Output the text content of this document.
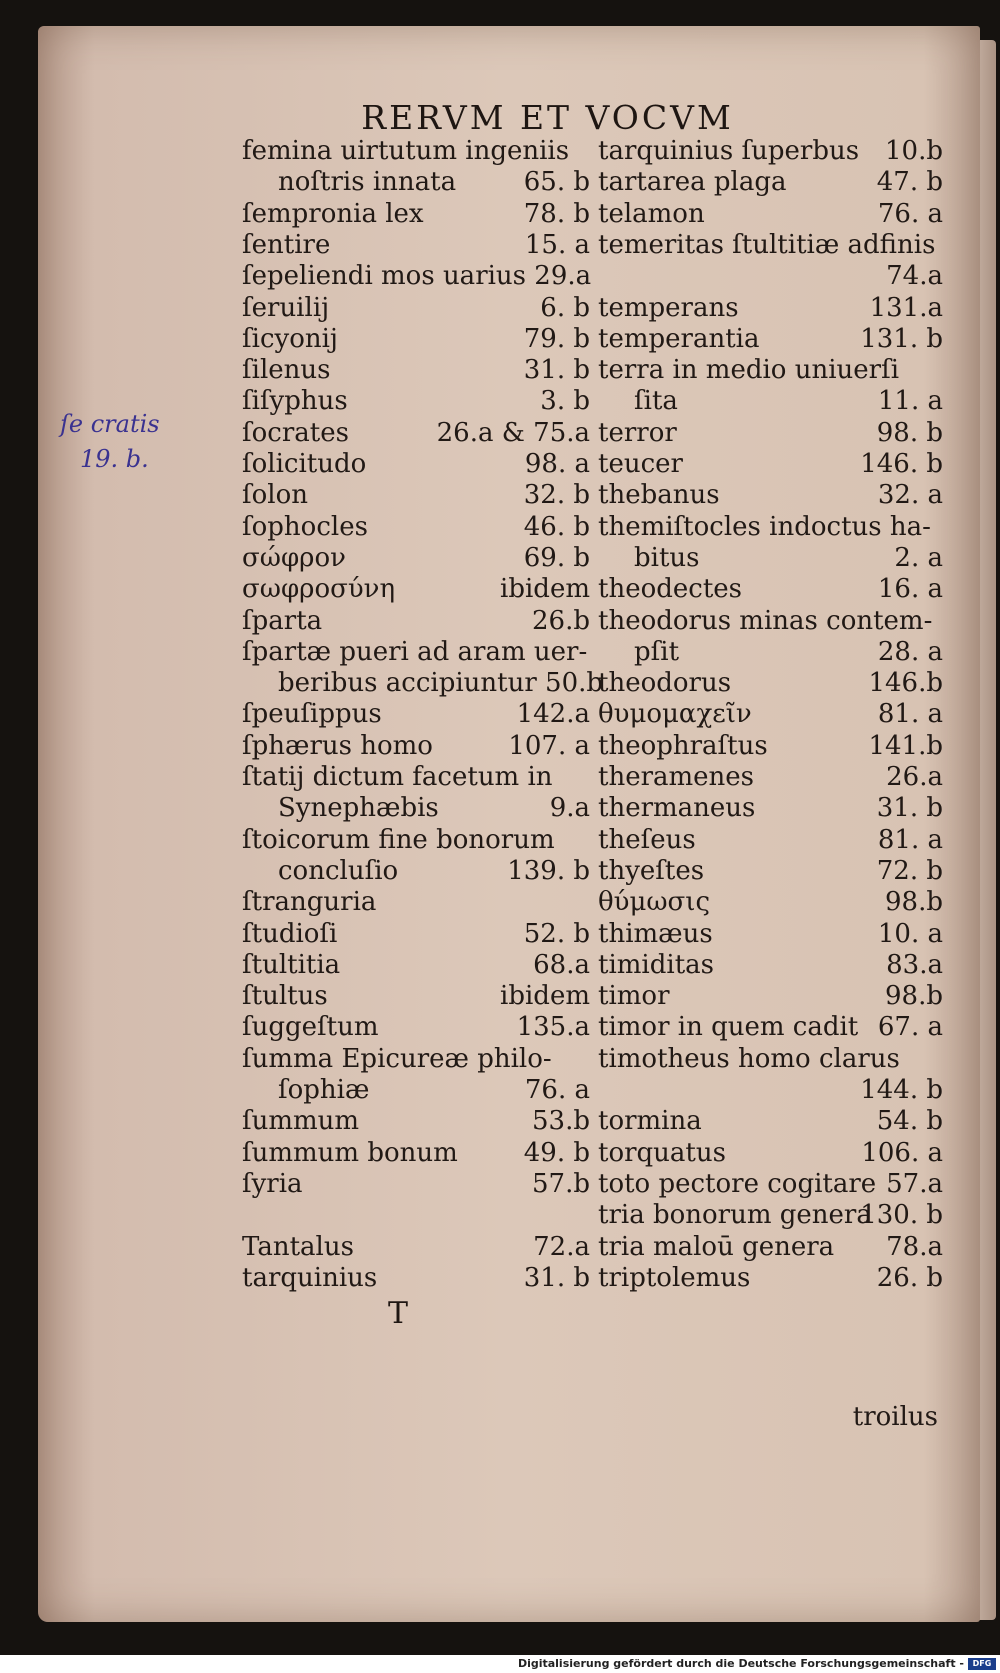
RERVM ET VOCVM
ſe cratis
19. b.
femina uirtutum ingeniis
noſtris innata	65. b
ſempronia lex	78. b
ſentire	15. a
ſepeliendi mos uarius 29.a
ſeruilij	6. b
ſicyonij	79. b
ſilenus	31. b
ſiſyphus	3. b
ſocrates	26.a & 75.a
ſolicitudo	98. a
ſolon	32. b
ſophocles	46. b
σώφρον	69. b
σωφροσύνη	ibidem
ſparta	26.b
ſpartæ pueri ad aram uer-
beribus accipiuntur 50.b
ſpeuſippus	142.a
ſphærus homo	107. a
ſtatij dictum facetum in
Synephæbis	9.a
ſtoicorum fine bonorum
concluſio	139. b
ſtranguria
ſtudioſi	52. b
ſtultitia	68.a
ſtultus	ibidem
ſuggeſtum	135.a
ſumma Epicureæ philo-
ſophiæ	76. a
ſummum	53.b
ſummum bonum	49. b
ſyria	57.b
Tantalus	72.a
tarquinius	31. b
tarquinius ſuperbus 10.b
tartarea plaga	47. b
telamon	76. a
temeritas ſtultitiæ adfinis
74.a
temperans	131.a
temperantia	131. b
terra in medio uniuerſi
ſita	11. a
terror	98. b
teucer	146. b
thebanus	32. a
themiſtocles indoctus ha-
bitus	2. a
theodectes	16. a
theodorus minas contem-
pſit	28. a
theodorus	146.b
θυμομαχεῖν	81. a
theophraſtus	141.b
theramenes	26.a
thermaneus	31. b
theſeus	81. a
thyeſtes	72. b
θύμωσις	98.b
thimæus	10. a
timiditas	83.a
timor	98.b
timor in quem cadit 67. a
timotheus homo clarus
144. b
tormina	54. b
torquatus	106. a
toto pectore cogitare 57.a
tria bonorum genera
130. b
tria maloū genera 78.a
triptolemus	26. b
T
troilus
Digitalisierung gefördert durch die Deutsche Forschungsgemeinschaft -	DFG
